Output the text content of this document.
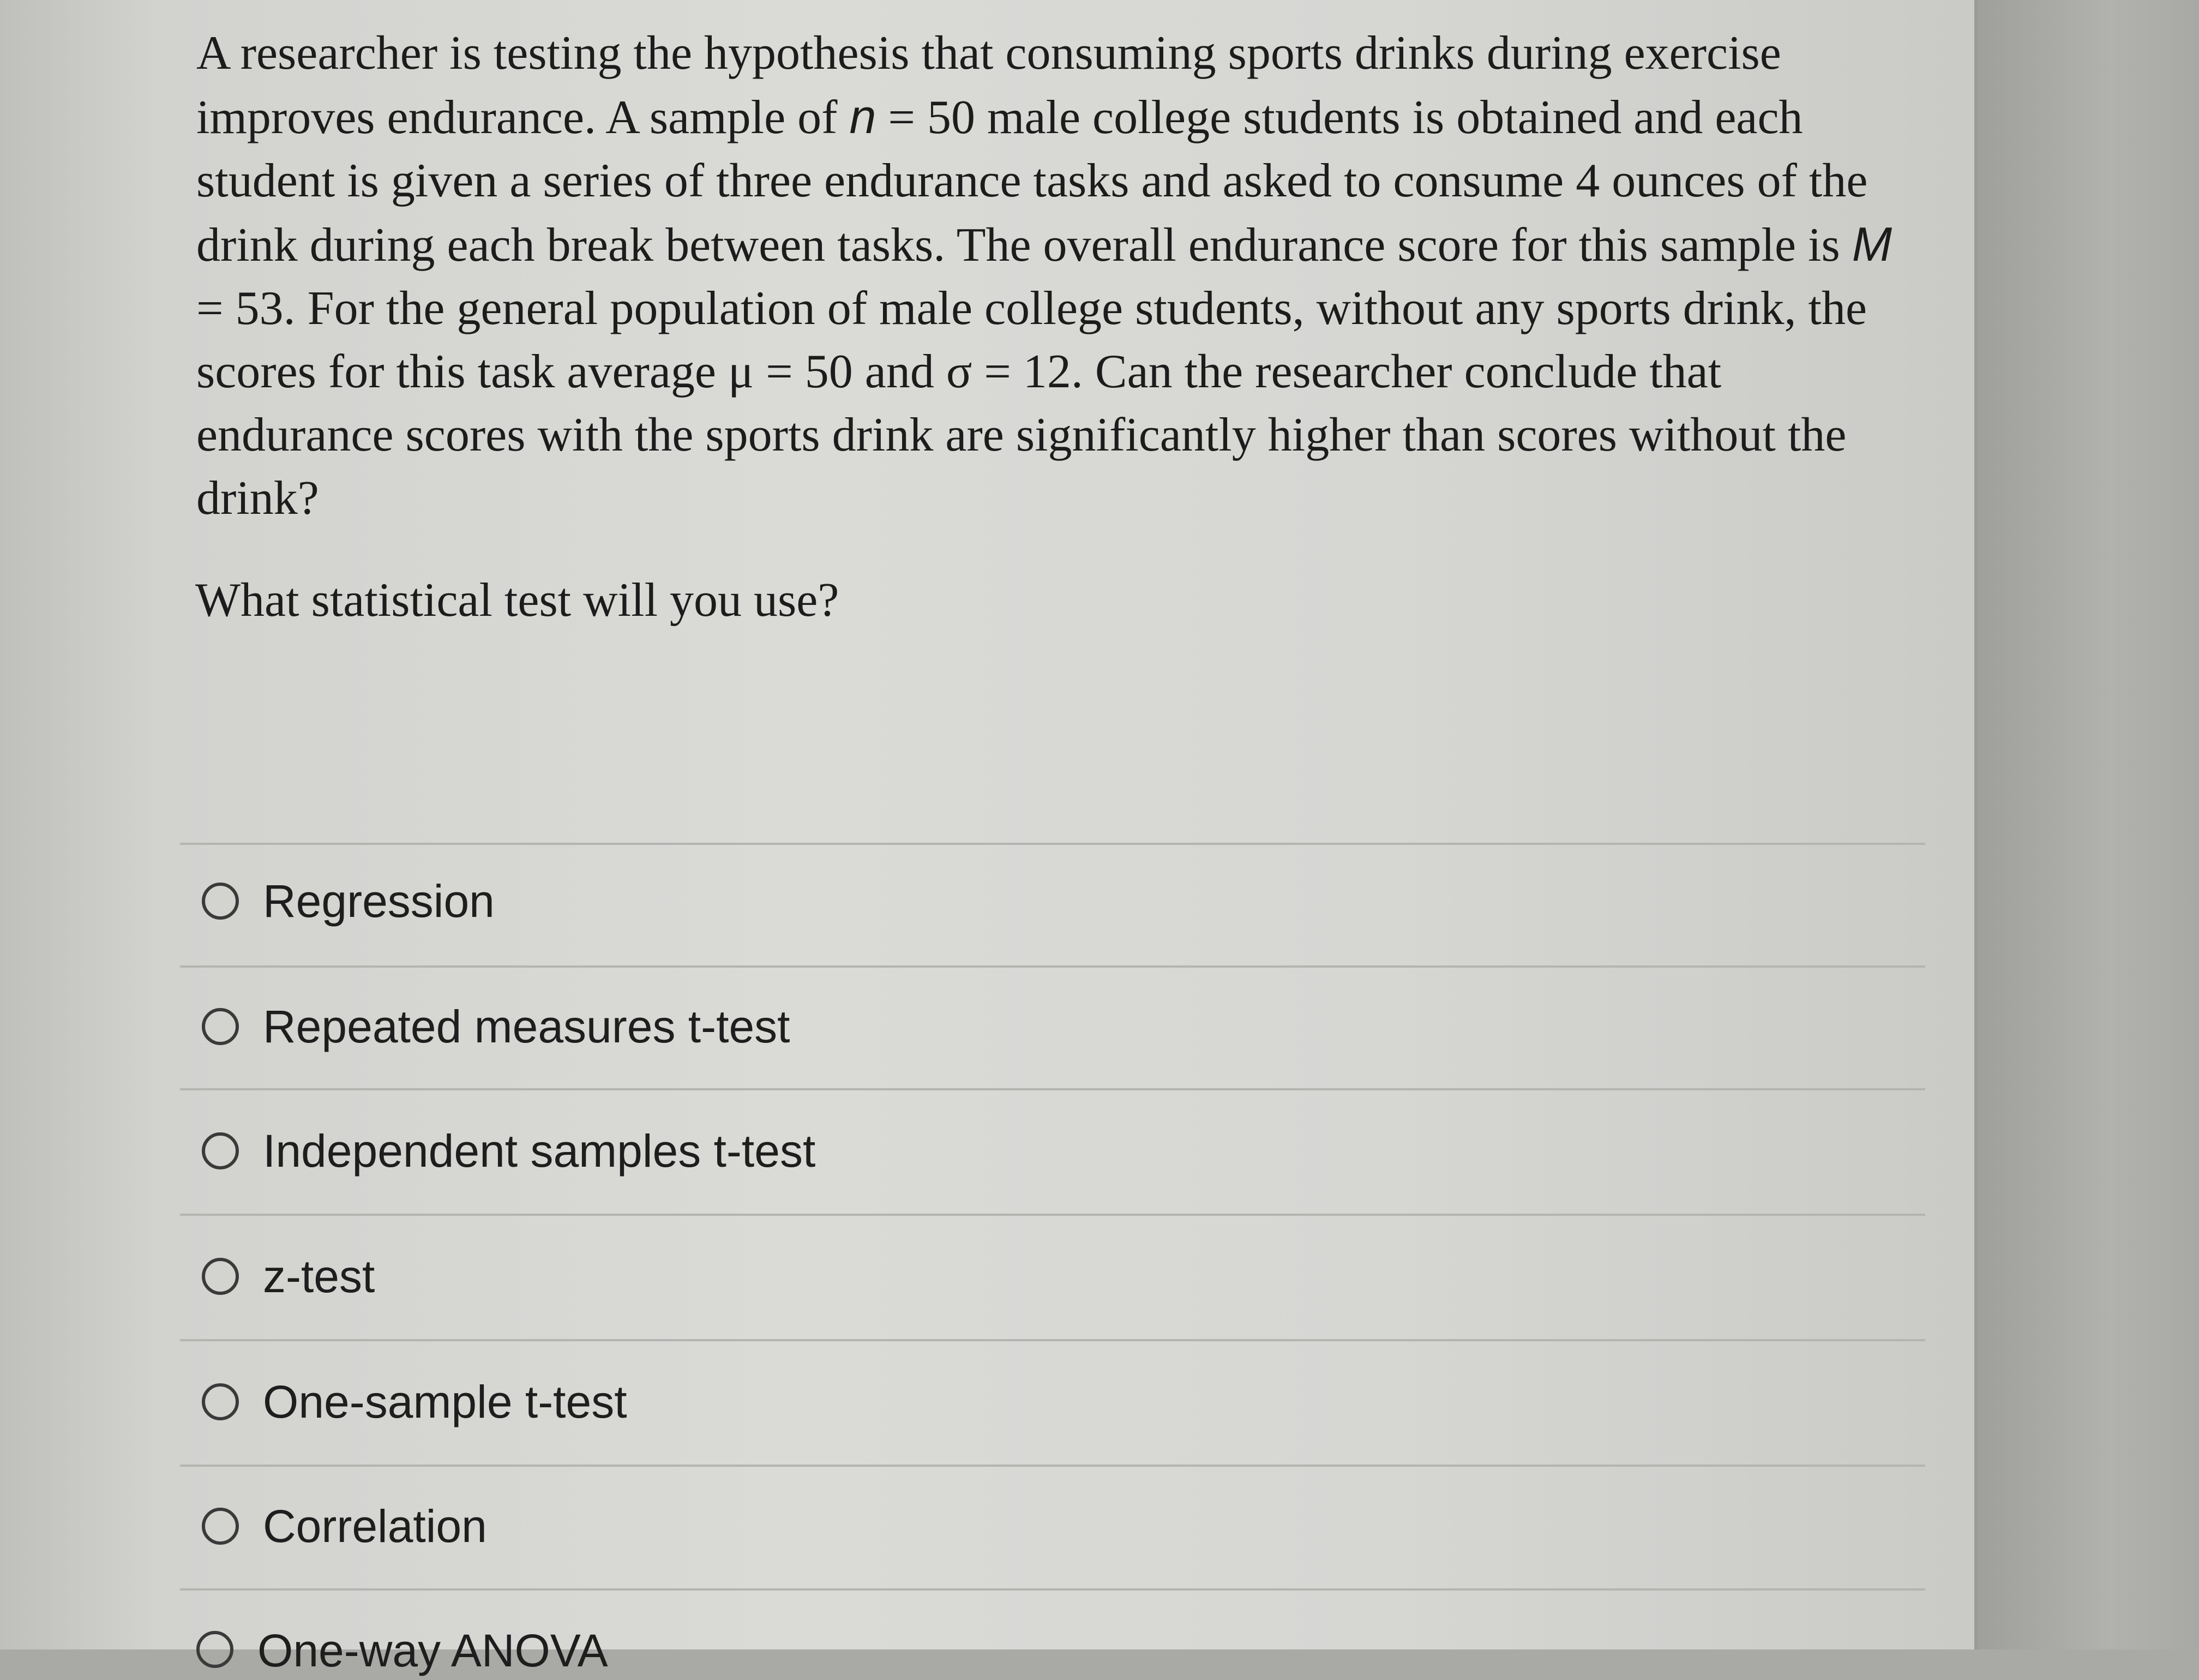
A researcher is testing the hypothesis that consuming sports drinks during exercise improves endurance. A sample of n = 50 male college students is obtained and each student is given a series of three endurance tasks and asked to consume 4 ounces of the drink during each break between tasks. The overall endurance score for this sample is M = 53. For the general population of male college students, without any sports drink, the scores for this task average μ = 50 and σ = 12. Can the researcher conclude that endurance scores with the sports drink are significantly higher than scores without the drink?

What statistical test will you use?

Regression
Repeated measures t-test
Independent samples t-test
z-test
One-sample t-test
Correlation
One-way ANOVA
